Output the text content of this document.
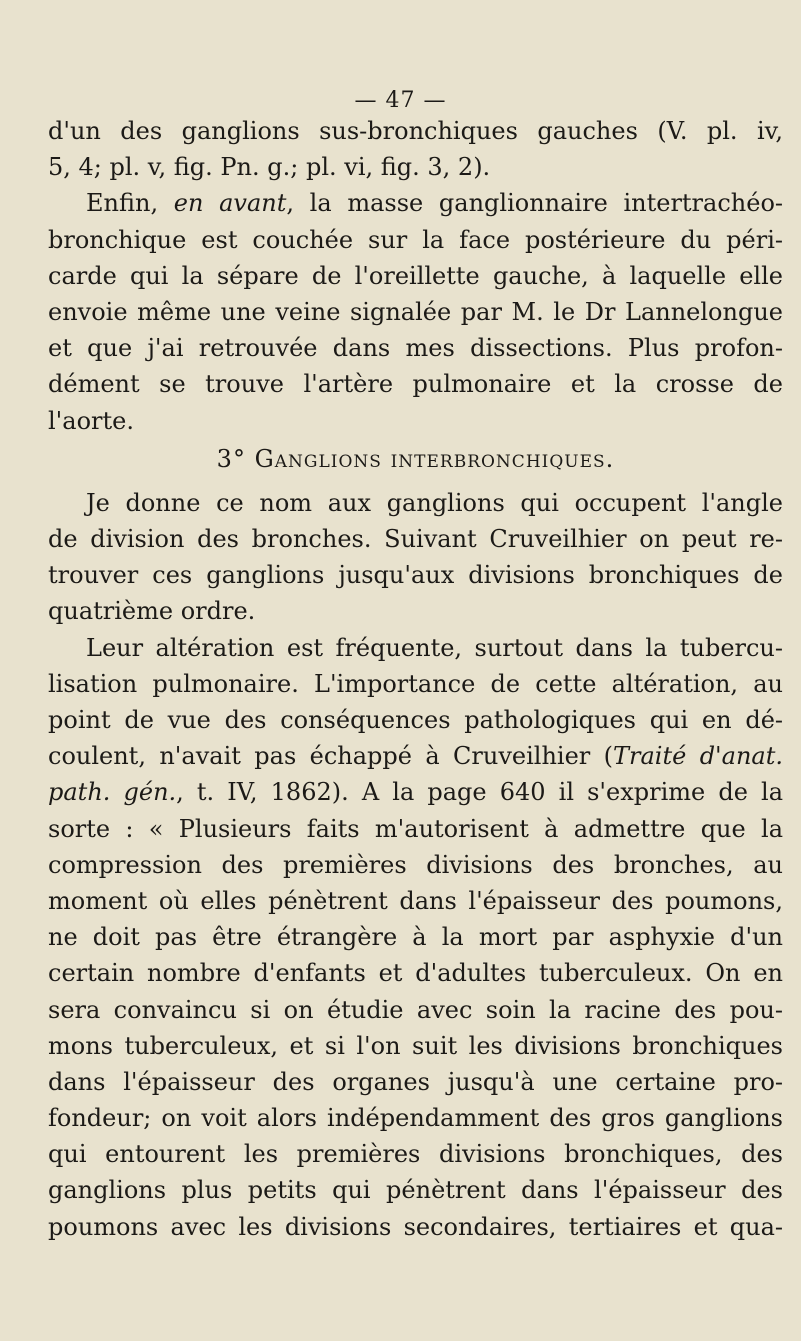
— 47 —
d'un des ganglions sus-bronchiques gauches (V. pl. iv,
5, 4; pl. v, fig. Pn. g.; pl. vi, fig. 3, 2).
Enfin, en avant, la masse ganglionnaire intertrachéo-
bronchique est couchée sur la face postérieure du péri-
carde qui la sépare de l'oreillette gauche, à laquelle elle
envoie même une veine signalée par M. le Dr Lannelongue
et que j'ai retrouvée dans mes dissections. Plus profon-
dément se trouve l'artère pulmonaire et la crosse de
l'aorte.
3° Ganglions interbronchiques.
Je donne ce nom aux ganglions qui occupent l'angle
de division des bronches. Suivant Cruveilhier on peut re-
trouver ces ganglions jusqu'aux divisions bronchiques de
quatrième ordre.
Leur altération est fréquente, surtout dans la tubercu-
lisation pulmonaire. L'importance de cette altération, au
point de vue des conséquences pathologiques qui en dé-
coulent, n'avait pas échappé à Cruveilhier (Traité d'anat.
path. gén., t. IV, 1862). A la page 640 il s'exprime de la
sorte : « Plusieurs faits m'autorisent à admettre que la
compression des premières divisions des bronches, au
moment où elles pénètrent dans l'épaisseur des poumons,
ne doit pas être étrangère à la mort par asphyxie d'un
certain nombre d'enfants et d'adultes tuberculeux. On en
sera convaincu si on étudie avec soin la racine des pou-
mons tuberculeux, et si l'on suit les divisions bronchiques
dans l'épaisseur des organes jusqu'à une certaine pro-
fondeur; on voit alors indépendamment des gros ganglions
qui entourent les premières divisions bronchiques, des
ganglions plus petits qui pénètrent dans l'épaisseur des
poumons avec les divisions secondaires, tertiaires et qua-
